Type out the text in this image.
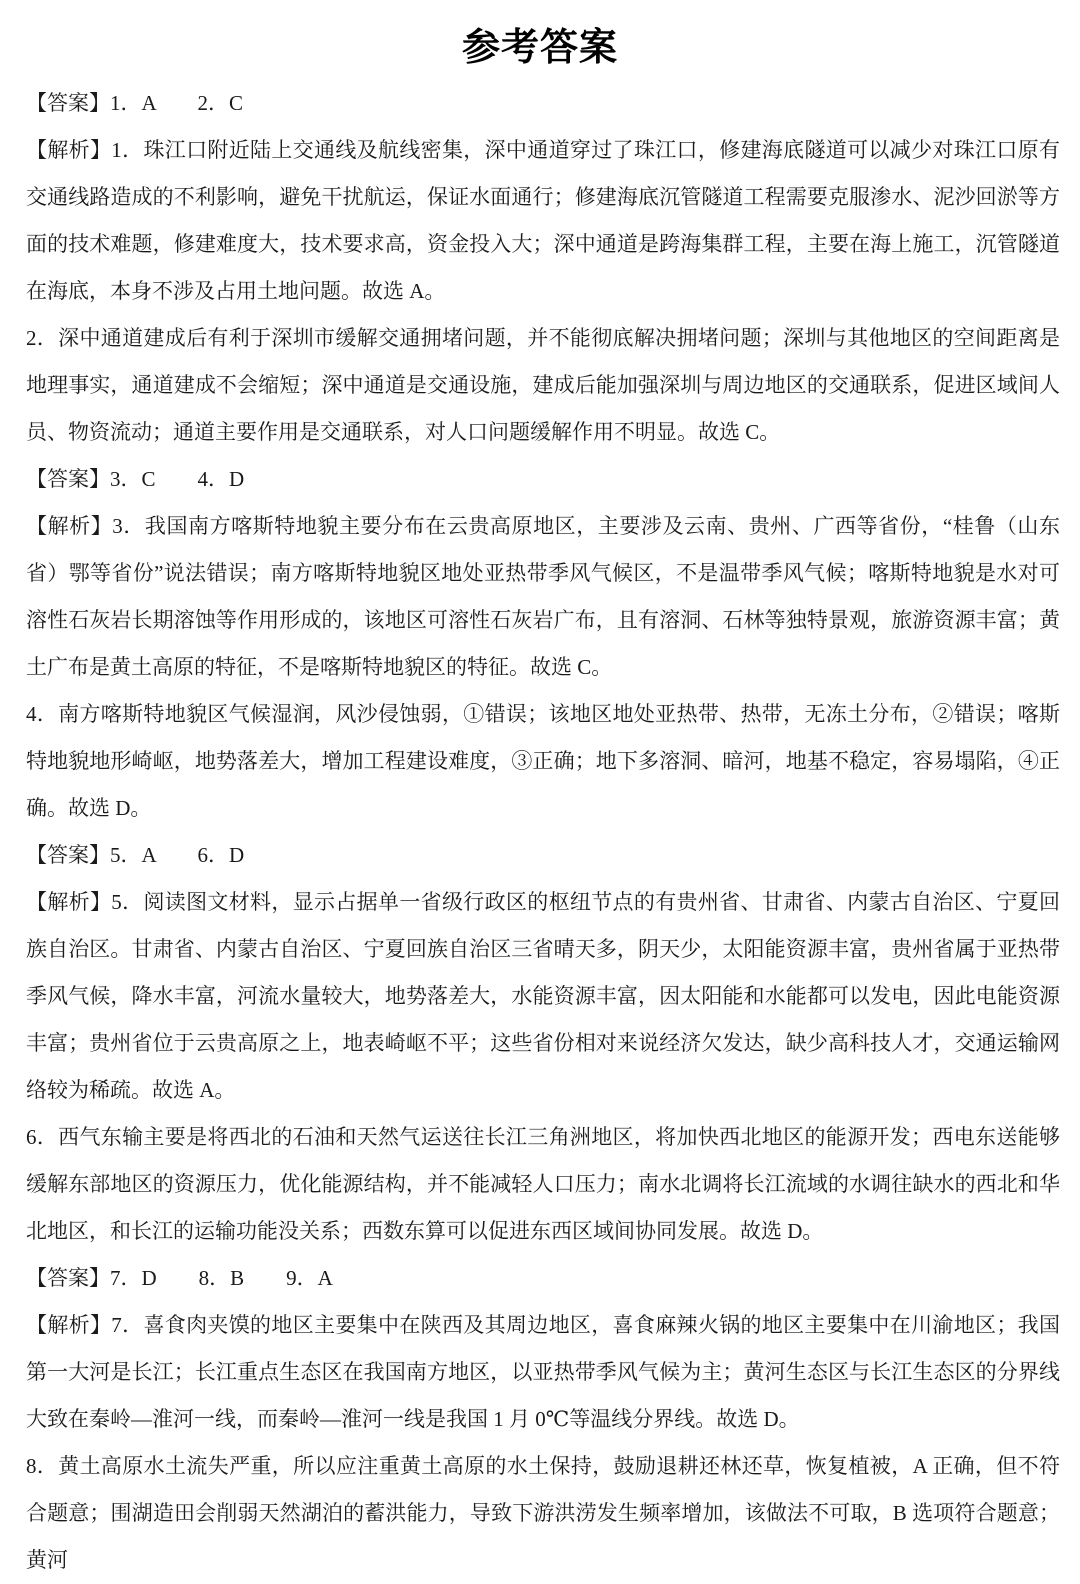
参考答案

【答案】1．A　　2．C

【解析】1．珠江口附近陆上交通线及航线密集，深中通道穿过了珠江口，修建海底隧道可以减少对珠江口原有交通线路造成的不利影响，避免干扰航运，保证水面通行；修建海底沉管隧道工程需要克服渗水、泥沙回淤等方面的技术难题，修建难度大，技术要求高，资金投入大；深中通道是跨海集群工程，主要在海上施工，沉管隧道在海底，本身不涉及占用土地问题。故选 A。

2．深中通道建成后有利于深圳市缓解交通拥堵问题，并不能彻底解决拥堵问题；深圳与其他地区的空间距离是地理事实，通道建成不会缩短；深中通道是交通设施，建成后能加强深圳与周边地区的交通联系，促进区域间人员、物资流动；通道主要作用是交通联系，对人口问题缓解作用不明显。故选 C。

【答案】3．C　　4．D

【解析】3．我国南方喀斯特地貌主要分布在云贵高原地区，主要涉及云南、贵州、广西等省份，“桂鲁（山东省）鄂等省份”说法错误；南方喀斯特地貌区地处亚热带季风气候区，不是温带季风气候；喀斯特地貌是水对可溶性石灰岩长期溶蚀等作用形成的，该地区可溶性石灰岩广布，且有溶洞、石林等独特景观，旅游资源丰富；黄土广布是黄土高原的特征，不是喀斯特地貌区的特征。故选 C。

4．南方喀斯特地貌区气候湿润，风沙侵蚀弱，①错误；该地区地处亚热带、热带，无冻土分布，②错误；喀斯特地貌地形崎岖，地势落差大，增加工程建设难度，③正确；地下多溶洞、暗河，地基不稳定，容易塌陷，④正确。故选 D。

【答案】5．A　　6．D

【解析】5．阅读图文材料，显示占据单一省级行政区的枢纽节点的有贵州省、甘肃省、内蒙古自治区、宁夏回族自治区。甘肃省、内蒙古自治区、宁夏回族自治区三省晴天多，阴天少，太阳能资源丰富，贵州省属于亚热带季风气候，降水丰富，河流水量较大，地势落差大，水能资源丰富，因太阳能和水能都可以发电，因此电能资源丰富；贵州省位于云贵高原之上，地表崎岖不平；这些省份相对来说经济欠发达，缺少高科技人才，交通运输网络较为稀疏。故选 A。

6．西气东输主要是将西北的石油和天然气运送往长江三角洲地区，将加快西北地区的能源开发；西电东送能够缓解东部地区的资源压力，优化能源结构，并不能减轻人口压力；南水北调将长江流域的水调往缺水的西北和华北地区，和长江的运输功能没关系；西数东算可以促进东西区域间协同发展。故选 D。

【答案】7．D　　8．B　　9．A

【解析】7．喜食肉夹馍的地区主要集中在陕西及其周边地区，喜食麻辣火锅的地区主要集中在川渝地区；我国第一大河是长江；长江重点生态区在我国南方地区，以亚热带季风气候为主；黄河生态区与长江生态区的分界线大致在秦岭—淮河一线，而秦岭—淮河一线是我国 1 月 0℃等温线分界线。故选 D。

8．黄土高原水土流失严重，所以应注重黄土高原的水土保持，鼓励退耕还林还草，恢复植被，A 正确，但不符合题意；围湖造田会削弱天然湖泊的蓄洪能力，导致下游洪涝发生频率增加，该做法不可取，B 选项符合题意；黄河
